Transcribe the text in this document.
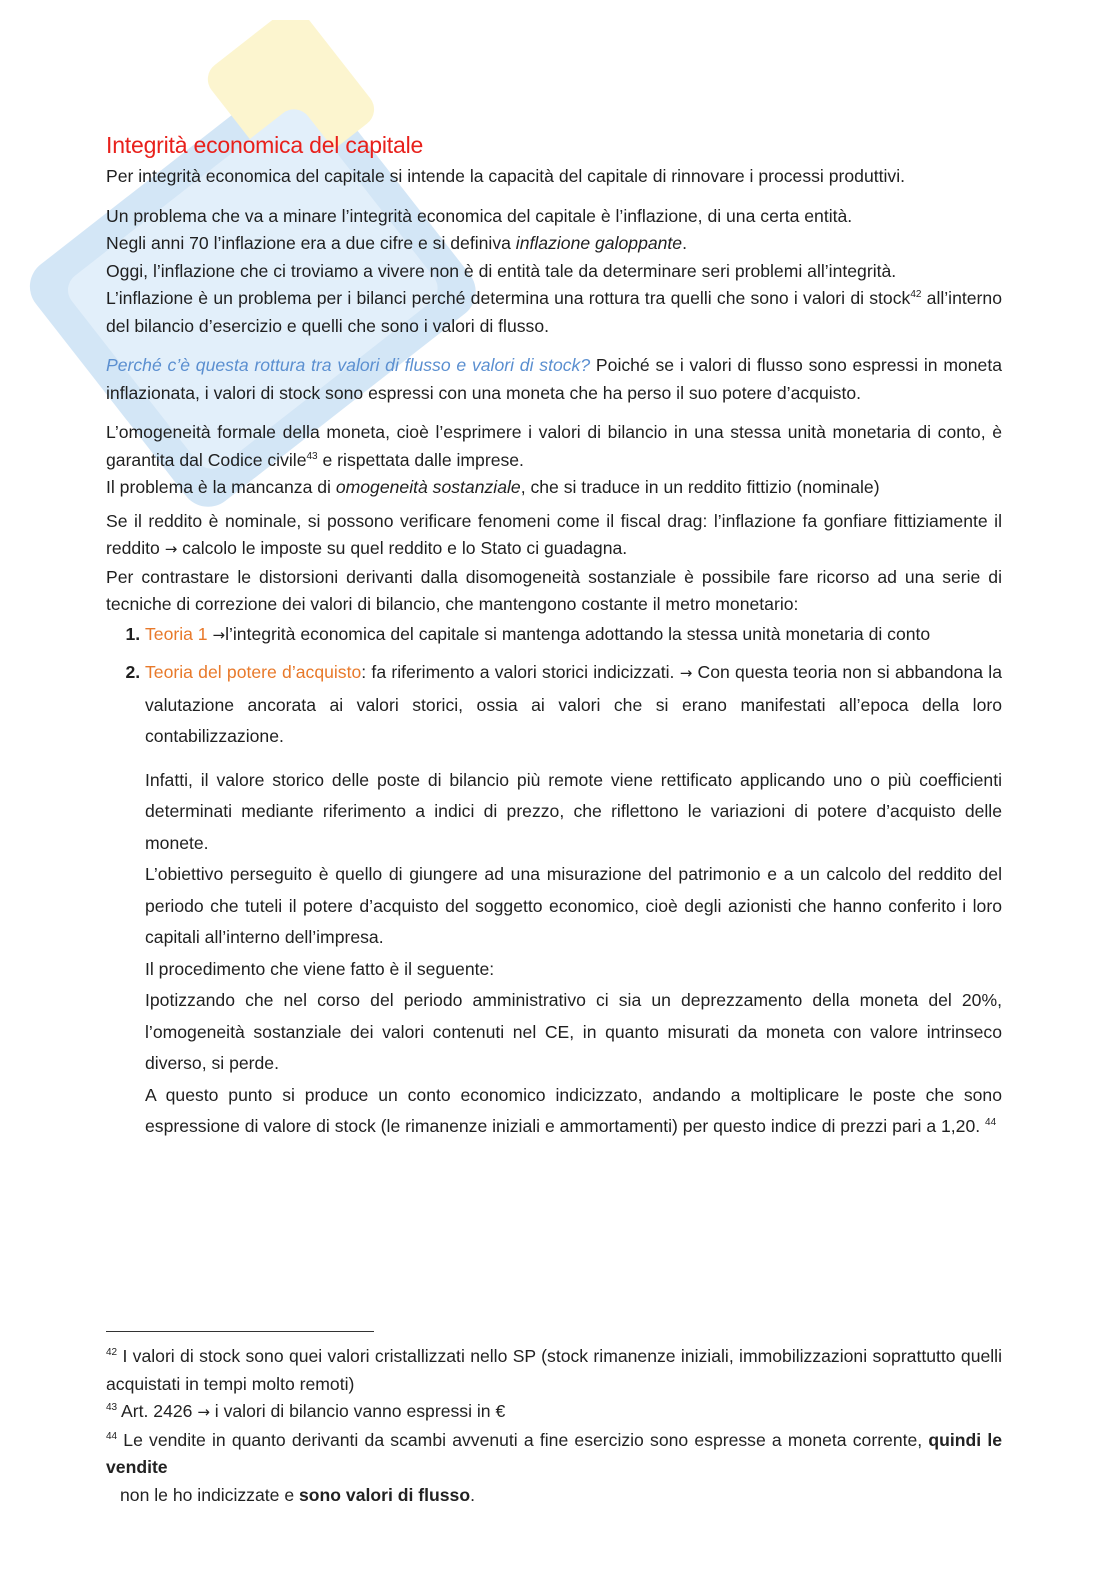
Integrità economica del capitale

Per integrità economica del capitale si intende la capacità del capitale di rinnovare i processi produttivi.

Un problema che va a minare l’integrità economica del capitale è l’inflazione, di una certa entità.

Negli anni 70 l’inflazione era a due cifre e si definiva inflazione galoppante.

Oggi, l’inflazione che ci troviamo a vivere non è di entità tale da determinare seri problemi all’integrità.

L’inflazione è un problema per i bilanci perché determina una rottura tra quelli che sono i valori di stock$^{42}$ all’interno del bilancio d’esercizio e quelli che sono i valori di flusso.

Perché c’è questa rottura tra valori di flusso e valori di stock? Poiché se i valori di flusso sono espressi in moneta inflazionata, i valori di stock sono espressi con una moneta che ha perso il suo potere d’acquisto.

L’omogeneità formale della moneta, cioè l’esprimere i valori di bilancio in una stessa unità monetaria di conto, è garantita dal Codice civile$^{43}$ e rispettata dalle imprese.

Il problema è la mancanza di omogeneità sostanziale, che si traduce in un reddito fittizio (nominale)

Se il reddito è nominale, si possono verificare fenomeni come il fiscal drag: l’inflazione fa gonfiare fittiziamente il reddito → calcolo le imposte su quel reddito e lo Stato ci guadagna.

Per contrastare le distorsioni derivanti dalla disomogeneità sostanziale è possibile fare ricorso ad una serie di tecniche di correzione dei valori di bilancio, che mantengono costante il metro monetario:

1. Teoria 1 →l’integrità economica del capitale si mantenga adottando la stessa unità monetaria di conto
2. Teoria del potere d’acquisto: fa riferimento a valori storici indicizzati. → Con questa teoria non si abbandona la valutazione ancorata ai valori storici, ossia ai valori che si erano manifestati all’epoca della loro contabilizzazione.

Infatti, il valore storico delle poste di bilancio più remote viene rettificato applicando uno o più coefficienti determinati mediante riferimento a indici di prezzo, che riflettono le variazioni di potere d’acquisto delle monete.

L’obiettivo perseguito è quello di giungere ad una misurazione del patrimonio e a un calcolo del reddito del periodo che tuteli il potere d’acquisto del soggetto economico, cioè degli azionisti che hanno conferito i loro capitali all’interno dell’impresa.

Il procedimento che viene fatto è il seguente:

Ipotizzando che nel corso del periodo amministrativo ci sia un deprezzamento della moneta del 20%, l’omogeneità sostanziale dei valori contenuti nel CE, in quanto misurati da moneta con valore intrinseco diverso, si perde.

A questo punto si produce un conto economico indicizzato, andando a moltiplicare le poste che sono espressione di valore di stock (le rimanenze iniziali e ammortamenti) per questo indice di prezzi pari a 1,20. $^{44}$

$^{42}$ I valori di stock sono quei valori cristallizzati nello SP (stock rimanenze iniziali, immobilizzazioni soprattutto quelli acquistati in tempi molto remoti)

$^{43}$ Art. 2426 → i valori di bilancio vanno espressi in €

$^{44}$ Le vendite in quanto derivanti da scambi avvenuti a fine esercizio sono espresse a moneta corrente, quindi le vendite

non le ho indicizzate e sono valori di flusso.
